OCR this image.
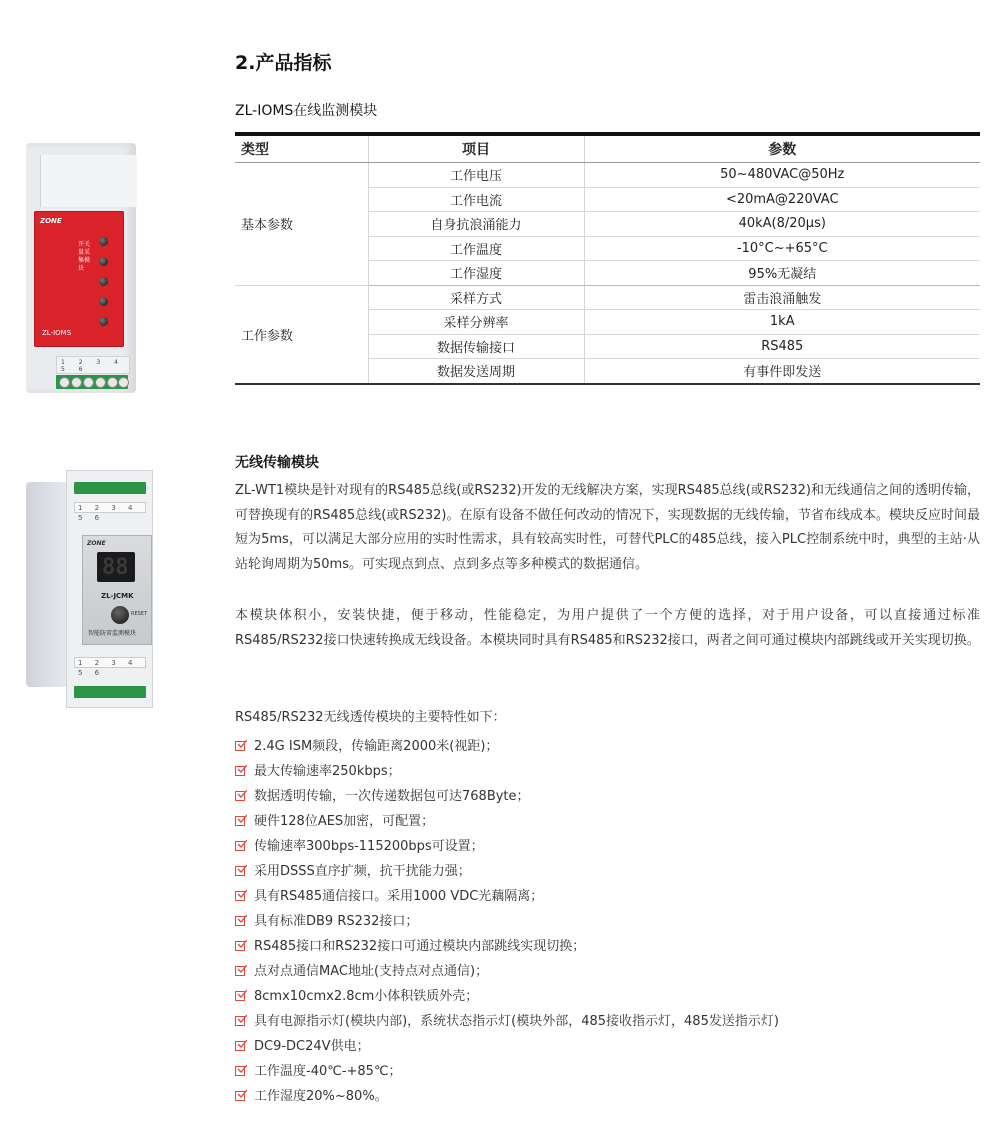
2.产品指标
ZL-IOMS在线监测模块
类型	项目	参数
基本参数	工作电压	50~480VAC@50Hz
	工作电流	<20mA@220VAC
	自身抗浪涌能力	40kA(8/20μs)
	工作温度	-10°C~+65°C
	工作湿度	95%无凝结
工作参数	采样方式	雷击浪涌触发
	采样分辨率	1kA
	数据传输接口	RS485
	数据发送周期	有事件即发送
ZONE
开关量采集模块
ZL-IOMS
1 2 3 4 5 6
无线传输模块

ZL-WT1模块是针对现有的RS485总线(或RS232)开发的无线解决方案，实现RS485总线(或RS232)和无线通信之间的透明传输，可替换现有的RS485总线(或RS232)。在原有设备不做任何改动的情况下，实现数据的无线传输，节省布线成本。模块反应时间最短为5ms，可以满足大部分应用的实时性需求，具有较高实时性，可替代PLC的485总线，接入PLC控制系统中时，典型的主站·从站轮询周期为50ms。可实现点到点、点到多点等多种模式的数据通信。

本模块体积小，安装快捷，便于移动，性能稳定，为用户提供了一个方便的选择，对于用户设备，可以直接通过标准RS485/RS232接口快速转换成无线设备。本模块同时具有RS485和RS232接口，两者之间可通过模块内部跳线或开关实现切换。

RS485/RS232无线透传模块的主要特性如下：
2.4G ISM频段，传输距离2000米(视距)；
最大传输速率250kbps；
数据透明传输，一次传递数据包可达768Byte；
硬件128位AES加密，可配置；
传输速率300bps-115200bps可设置；
采用DSSS直序扩频，抗干扰能力强；
具有RS485通信接口。采用1000 VDC光藕隔离；
具有标准DB9 RS232接口；
RS485接口和RS232接口可通过模块内部跳线实现切换；
点对点通信MAC地址(支持点对点通信)；
8cmx10cmx2.8cm小体积铁质外壳；
具有电源指示灯(模块内部)，系统状态指示灯(模块外部，485接收指示灯，485发送指示灯)
DC9-DC24V供电；
工作温度-40℃-+85℃；
工作湿度20%~80%。
1 2 3 4 5 6
1 2 3 4 5 6
ZONE
88
ZL-JCMK
RESET
智能防雷监测模块
